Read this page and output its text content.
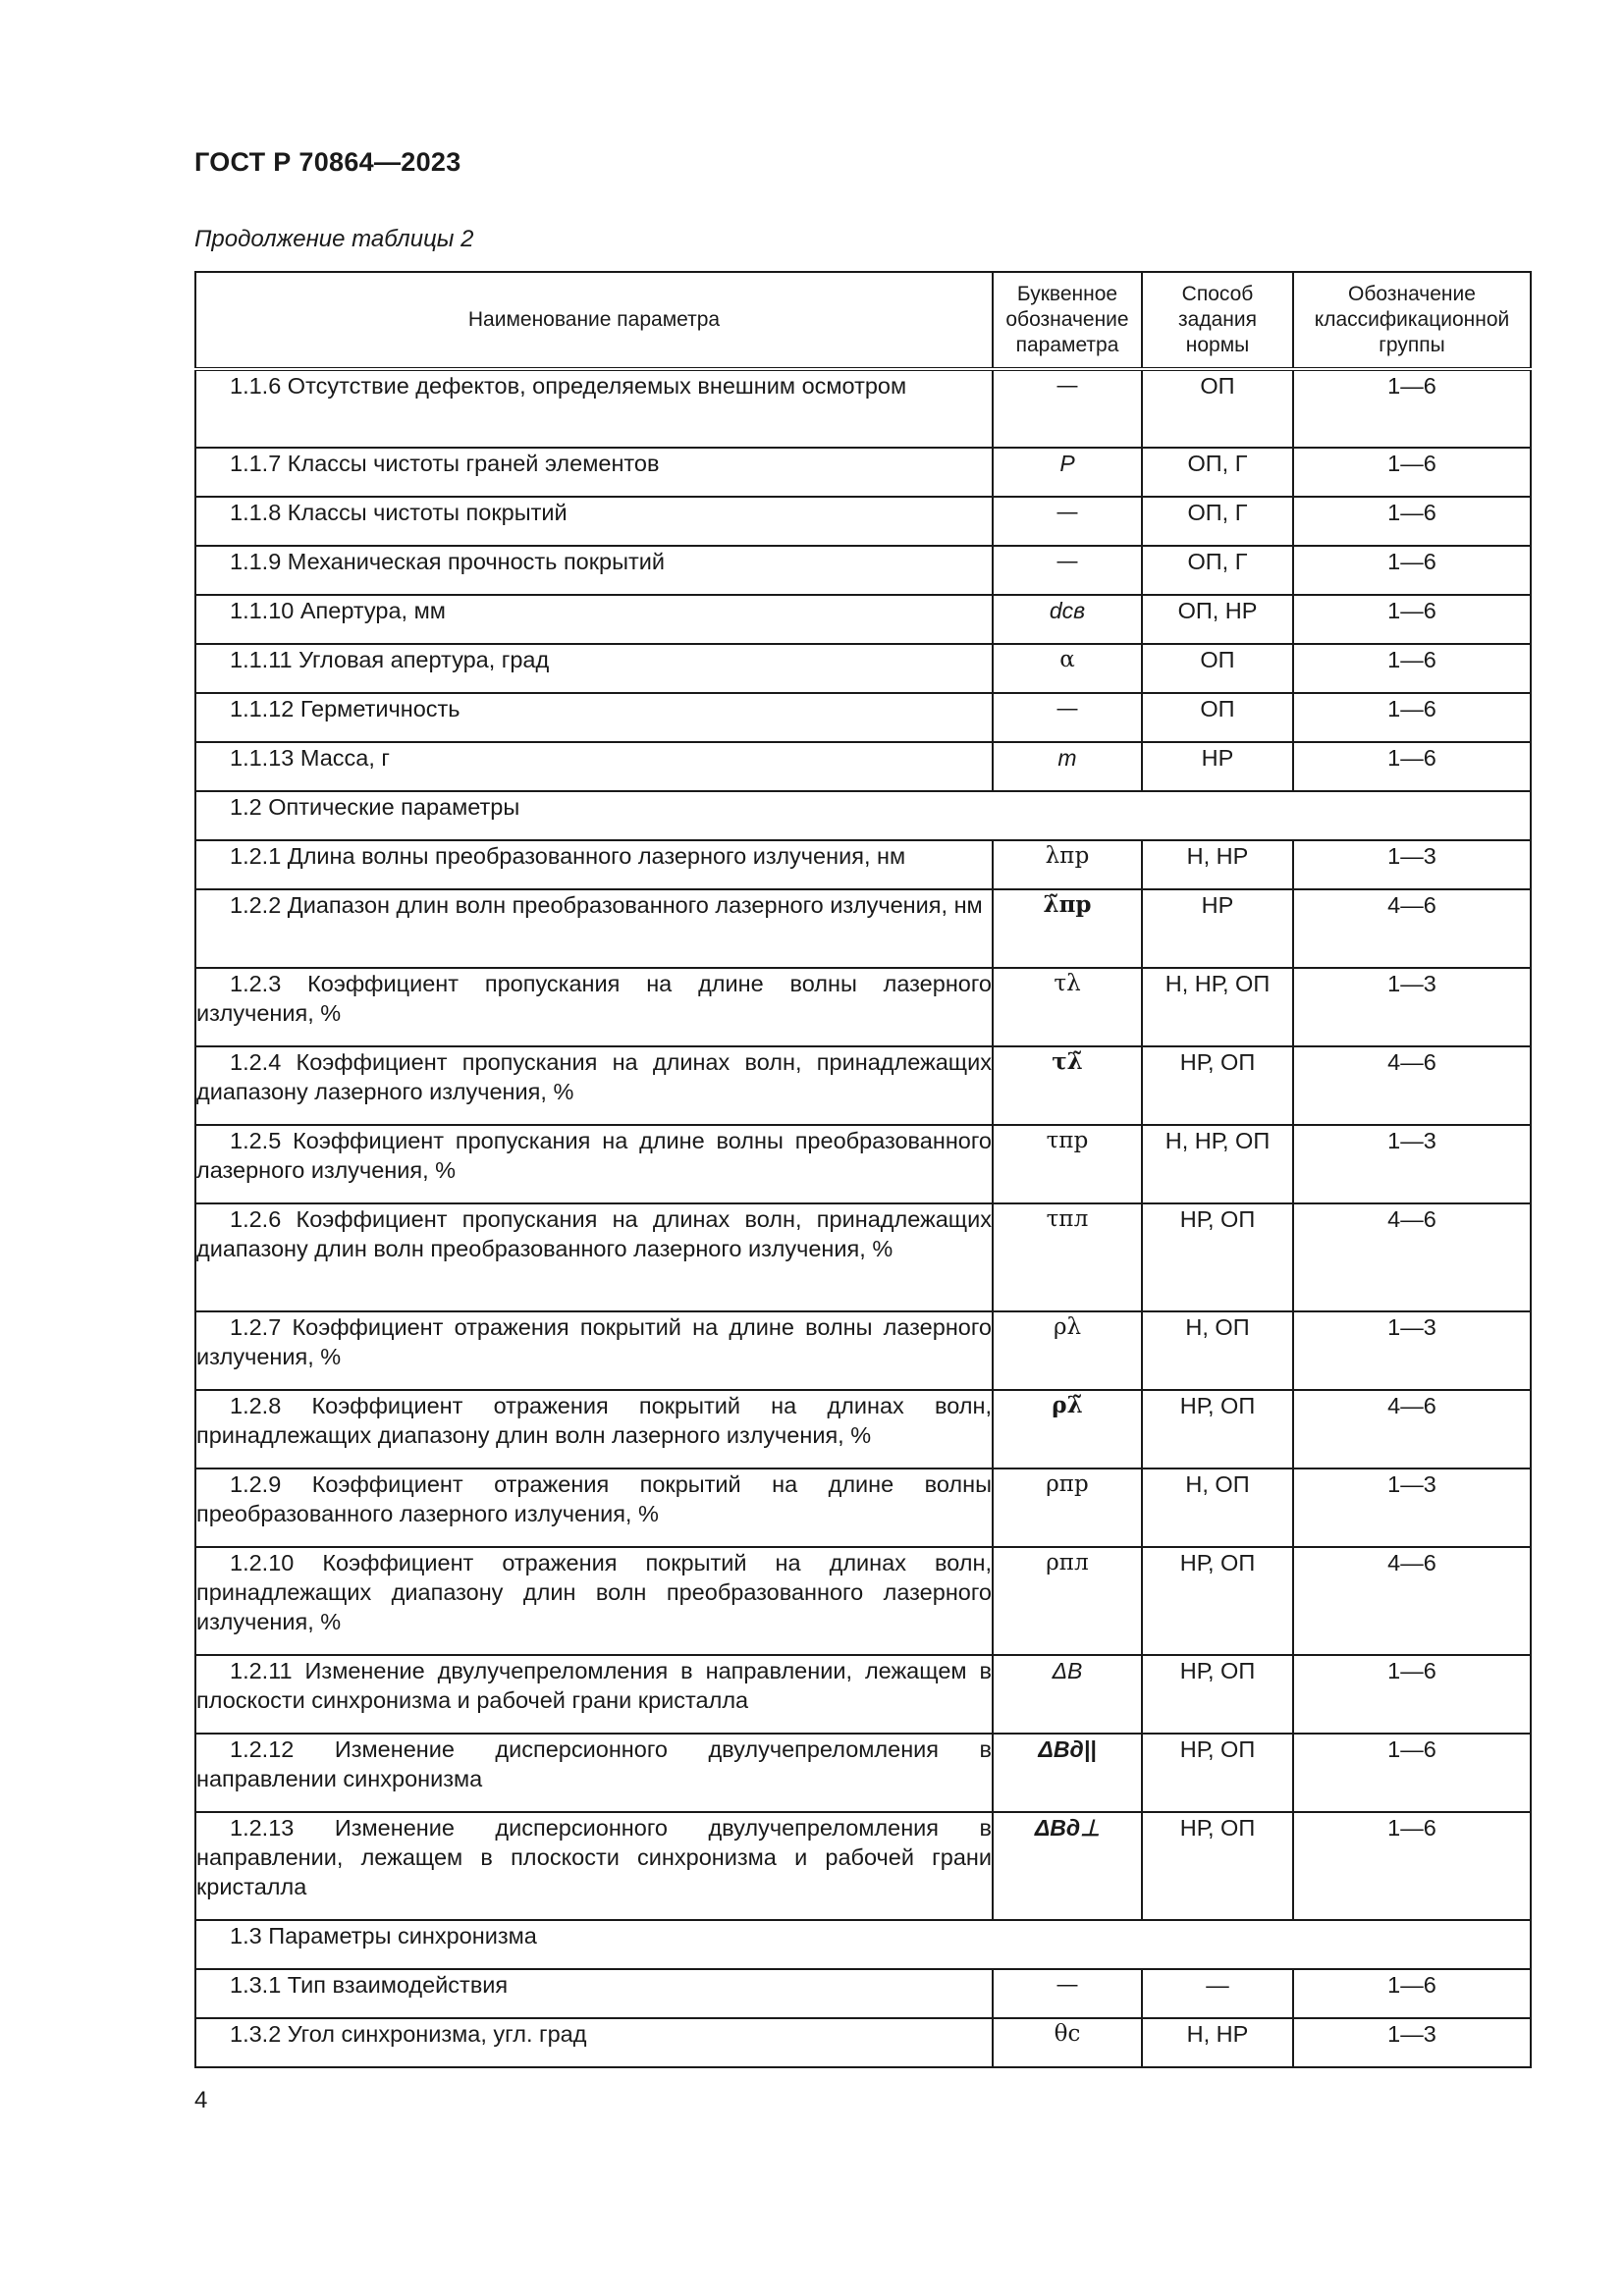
ГОСТ Р 70864—2023
Продолжение таблицы 2
Наименование параметра	Буквенное обозначение параметра	Способ задания нормы	Обозначение классификационной группы
1.1.6 Отсутствие дефектов, определяемых внешним осмотром	—	ОП	1—6
1.1.7 Классы чистоты граней элементов	P	ОП, Г	1—6
1.1.8 Классы чистоты покрытий	—	ОП, Г	1—6
1.1.9 Механическая прочность покрытий	—	ОП, Г	1—6
1.1.10 Апертура, мм	dсв	ОП, НР	1—6
1.1.11 Угловая апертура, град	α	ОП	1—6
1.1.12 Герметичность	—	ОП	1—6
1.1.13 Масса, г	m	НР	1—6
1.2 Оптические параметры			
1.2.1 Длина волны преобразованного лазерного излучения, нм	λпр	Н, НР	1—3
1.2.2 Диапазон длин волн преобразованного лазерного излучения, нм	λ̃пр	НР	4—6
1.2.3 Коэффициент пропускания на длине волны лазерного излучения, %	τλ	Н, НР, ОП	1—3
1.2.4 Коэффициент пропускания на длинах волн, принадлежащих диапазону лазерного излучения, %	τλ̃	НР, ОП	4—6
1.2.5 Коэффициент пропускания на длине волны преобразованного лазерного излучения, %	τпр	Н, НР, ОП	1—3
1.2.6 Коэффициент пропускания на длинах волн, принадлежащих диапазону длин волн преобразованного лазерного излучения, %	τпл	НР, ОП	4—6
1.2.7 Коэффициент отражения покрытий на длине волны лазерного излучения, %	ρλ	Н, ОП	1—3
1.2.8 Коэффициент отражения покрытий на длинах волн, принадлежащих диапазону длин волн лазерного излучения, %	ρλ̃	НР, ОП	4—6
1.2.9 Коэффициент отражения покрытий на длине волны преобразованного лазерного излучения, %	ρпр	Н, ОП	1—3
1.2.10 Коэффициент отражения покрытий на длинах волн, принадлежащих диапазону длин волн преобразованного лазерного излучения, %	ρпл	НР, ОП	4—6
1.2.11 Изменение двулучепреломления в направлении, лежащем в плоскости синхронизма и рабочей грани кристалла	ΔB	НР, ОП	1—6
1.2.12 Изменение дисперсионного двулучепреломления в направлении синхронизма	ΔBд||	НР, ОП	1—6
1.2.13 Изменение дисперсионного двулучепреломления в направлении, лежащем в плоскости синхронизма и рабочей грани кристалла	ΔBд⊥	НР, ОП	1—6
1.3 Параметры синхронизма			
1.3.1 Тип взаимодействия	—	—	1—6
1.3.2 Угол синхронизма, угл. град	θс	Н, НР	1—3
4
